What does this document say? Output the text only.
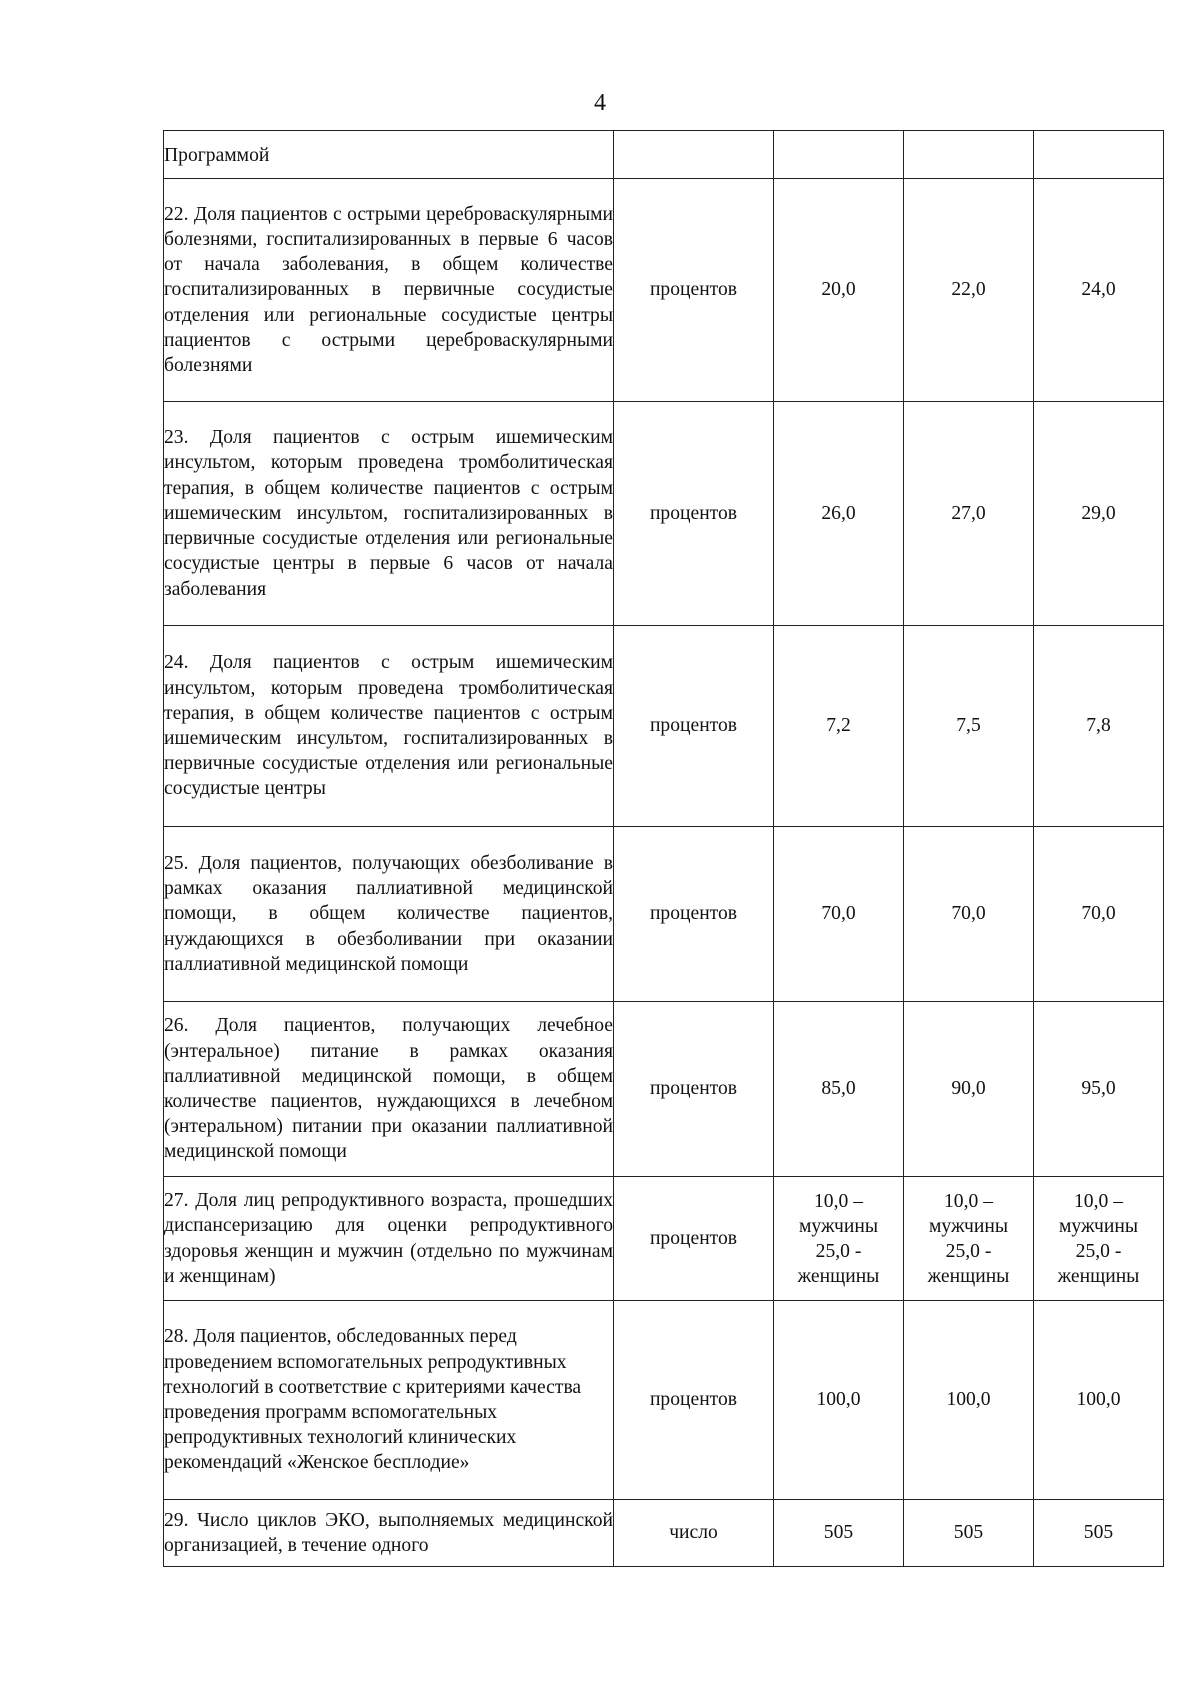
4
Программой				

22. Доля пациентов с острыми цереброваскулярными болезнями, госпитализированных в первые 6 часов от начала заболевания, в общем количестве госпитализированных в первичные сосудистые отделения или региональные сосудистые центры пациентов с острыми цереброваскулярными болезнями	процентов	20,0	22,0	24,0

23. Доля пациентов с острым ишемическим инсультом, которым проведена тромболитическая терапия, в общем количестве пациентов с острым ишемическим инсультом, госпитализированных в первичные сосудистые отделения или региональные сосудистые центры в первые 6 часов от начала заболевания	процентов	26,0	27,0	29,0

24. Доля пациентов с острым ишемическим инсультом, которым проведена тромболитическая терапия, в общем количестве пациентов с острым ишемическим инсультом, госпитализированных в первичные сосудистые отделения или региональные сосудистые центры	процентов	7,2	7,5	7,8

25. Доля пациентов, получающих обезболивание в рамках оказания паллиативной медицинской помощи, в общем количестве пациентов, нуждающихся в обезболивании при оказании паллиативной медицинской помощи	процентов	70,0	70,0	70,0

26. Доля пациентов, получающих лечебное (энтеральное) питание в рамках оказания паллиативной медицинской помощи, в общем количестве пациентов, нуждающихся в лечебном (энтеральном) питании при оказании паллиативной медицинской помощи	процентов	85,0	90,0	95,0

27. Доля лиц репродуктивного возраста, прошедших диспансеризацию для оценки репродуктивного здоровья женщин и мужчин (отдельно по мужчинам и женщинам)	процентов	10,0 –
мужчины
25,0 -
женщины	10,0 –
мужчины
25,0 -
женщины	10,0 –
мужчины
25,0 -
женщины

28. Доля пациентов, обследованных перед проведением вспомогательных репродуктивных технологий в соответствие с критериями качества проведения программ вспомогательных репродуктивных технологий клинических рекомендаций «Женское бесплодие»	процентов	100,0	100,0	100,0

29. Число циклов ЭКО, выполняемых медицинской организацией, в течение одного	число	505	505	505
